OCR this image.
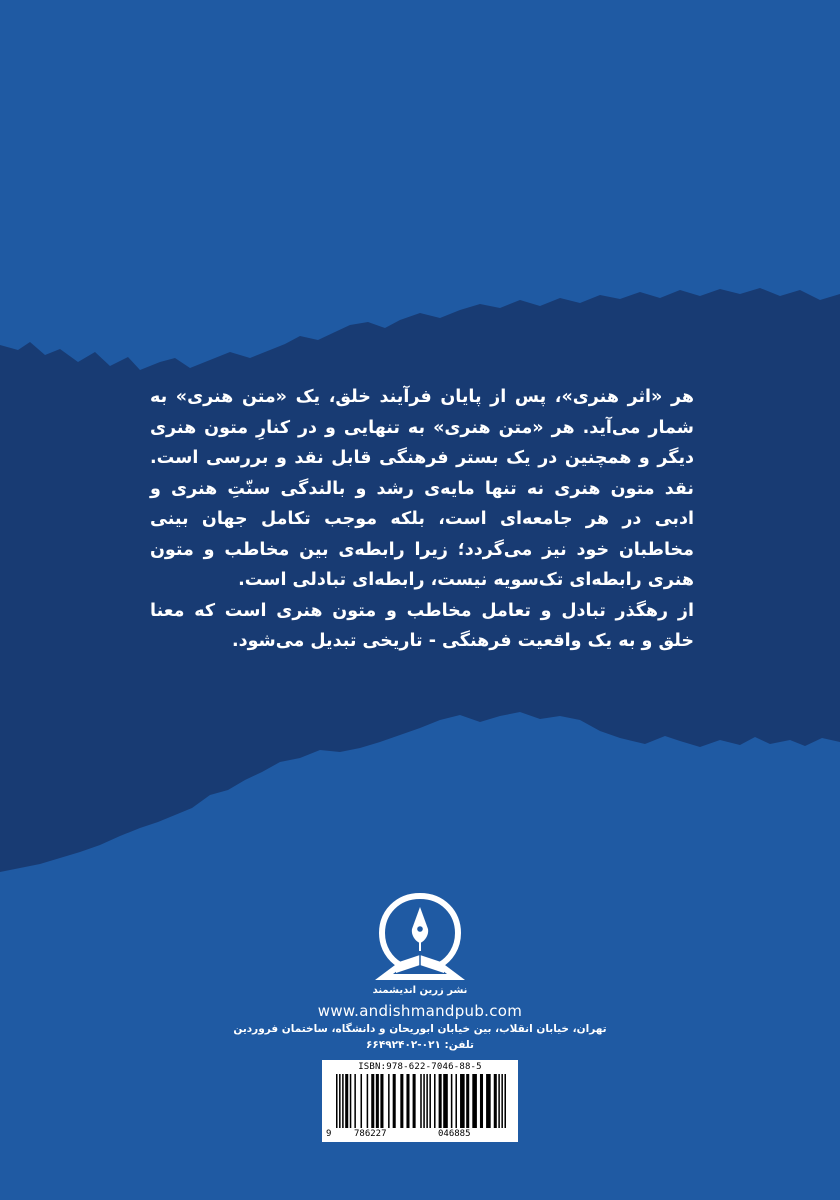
هر «اثر هنری»، پس از پایان فرآیند خلق، یک «متن هنری» به شمار می‌آید. هر «متن هنری» به تنهایی و در کنارِ متون هنری دیگر و همچنین در یک بستر فرهنگی قابل نقد و بررسی است. نقد متون هنری نه تنها مایه‌ی رشد و بالندگی سنّتِ هنری و ادبی در هر جامعه‌ای است، بلکه موجب تکامل جهان بینی مخاطبان خود نیز می‌گردد؛ زیرا رابطه‌ی بین مخاطب و متون هنری رابطه‌ای تک‌سویه نیست، رابطه‌ای تبادلی است.

از رهگذر تبادل و تعامل مخاطب و متون هنری است که معنا خلق و به یک واقعیت فرهنگی - تاریخی تبدیل می‌شود.

نشر زرین اندیشمند
www.andishmandpub.com
تهران، خیابان انقلاب، بین خیابان ابوریحان و دانشگاه، ساختمان فروردین
تلفن: ۰۲۱-۶۶۴۹۲۴۰۲
ISBN:978-622-7046-88-5
9	786227	046885
